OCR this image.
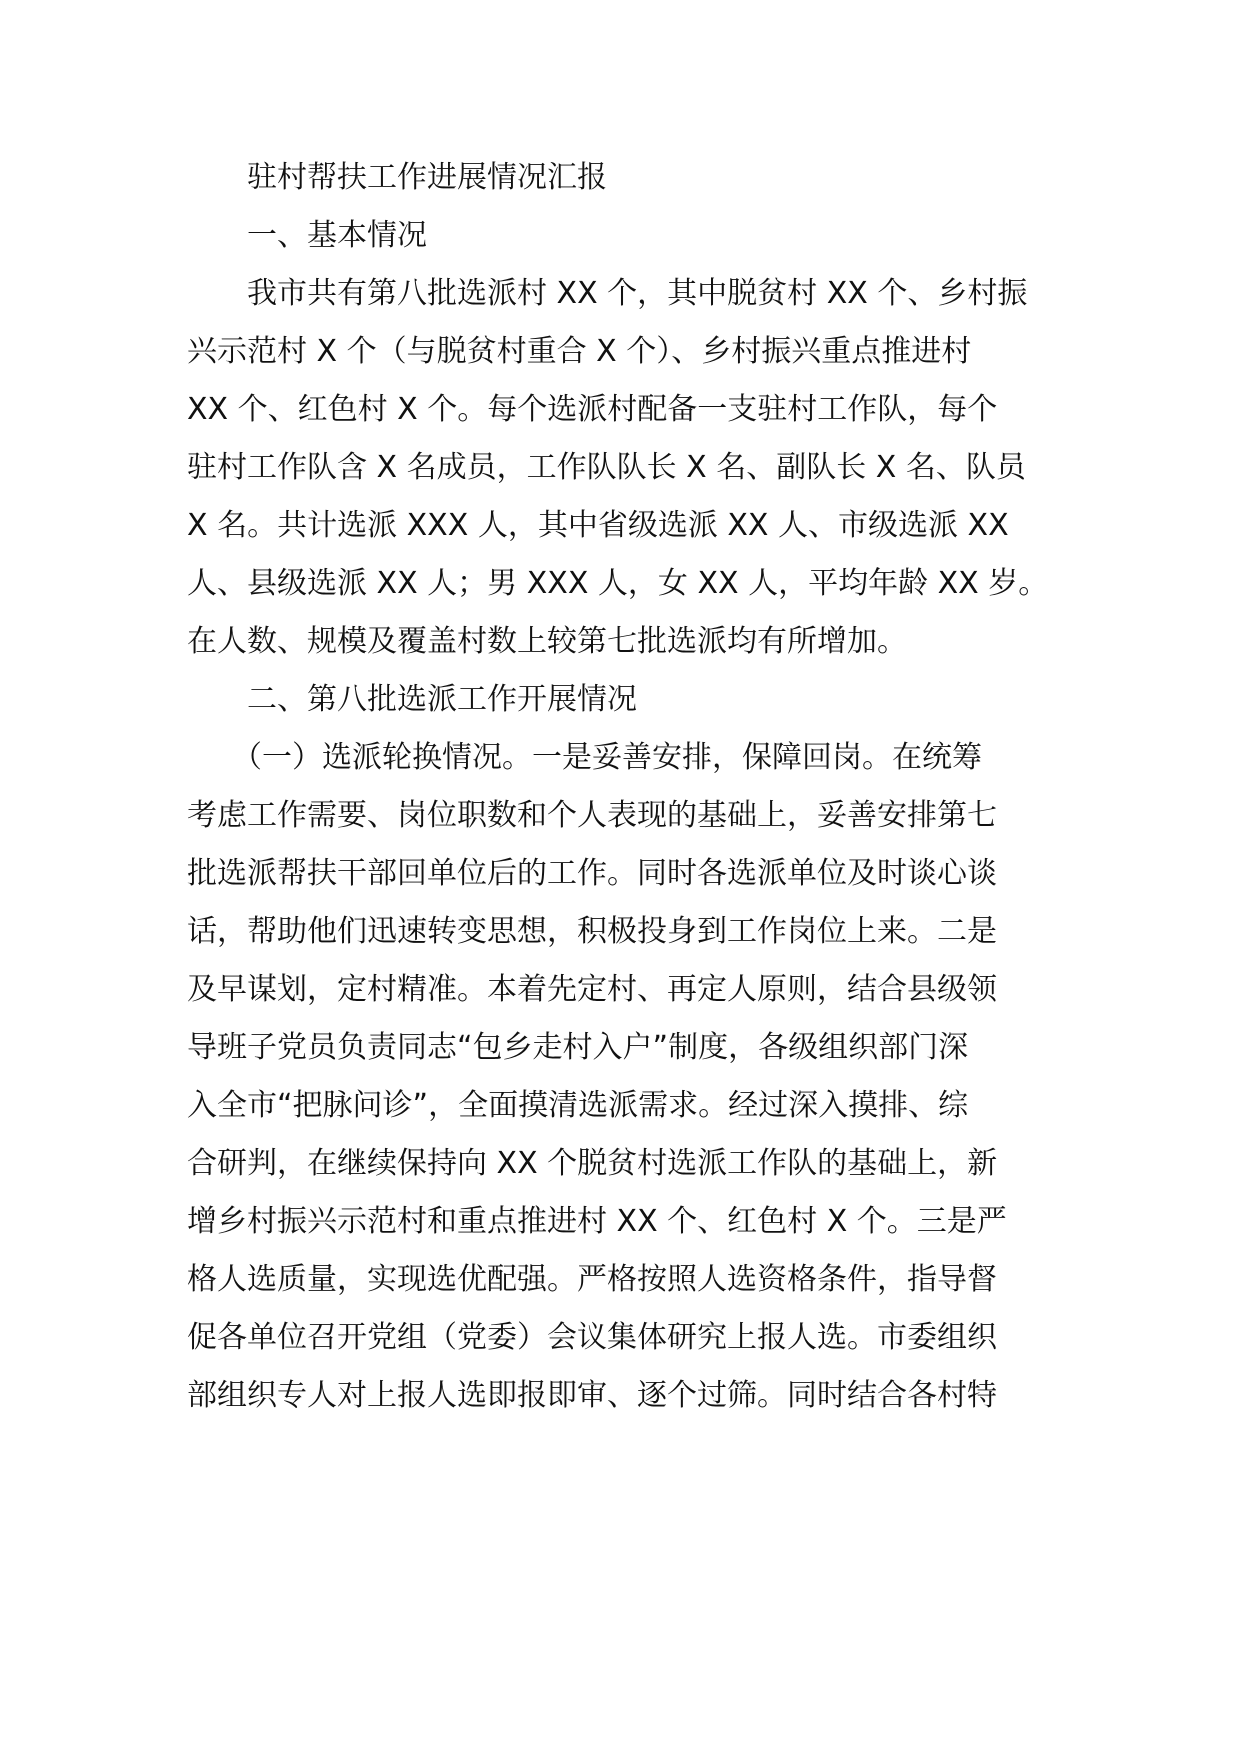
　　驻村帮扶工作进展情况汇报
　　一、基本情况
　　我市共有第八批选派村 XX 个，其中脱贫村 XX 个、乡村振
兴示范村 X 个（与脱贫村重合 X 个）、乡村振兴重点推进村
XX 个、红色村 X 个。每个选派村配备一支驻村工作队，每个
驻村工作队含 X 名成员，工作队队长 X 名、副队长 X 名、队员
X 名。共计选派 XXX 人，其中省级选派 XX 人、市级选派 XX
人、县级选派 XX 人；男 XXX 人，女 XX 人，平均年龄 XX 岁。
在人数、规模及覆盖村数上较第七批选派均有所增加。
　　二、第八批选派工作开展情况
　　（一）选派轮换情况。一是妥善安排，保障回岗。在统筹
考虑工作需要、岗位职数和个人表现的基础上，妥善安排第七
批选派帮扶干部回单位后的工作。同时各选派单位及时谈心谈
话，帮助他们迅速转变思想，积极投身到工作岗位上来。二是
及早谋划，定村精准。本着先定村、再定人原则，结合县级领
导班子党员负责同志“包乡走村入户”制度，各级组织部门深
入全市“把脉问诊”，全面摸清选派需求。经过深入摸排、综
合研判，在继续保持向 XX 个脱贫村选派工作队的基础上，新
增乡村振兴示范村和重点推进村 XX 个、红色村 X 个。三是严
格人选质量，实现选优配强。严格按照人选资格条件，指导督
促各单位召开党组（党委）会议集体研究上报人选。市委组织
部组织专人对上报人选即报即审、逐个过筛。同时结合各村特
